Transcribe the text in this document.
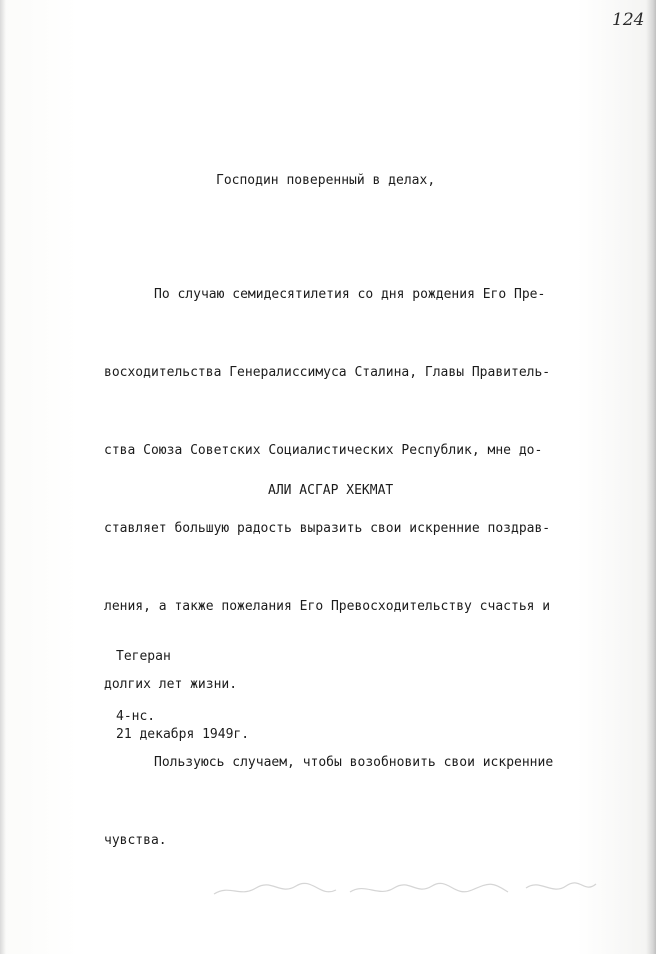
124
Господин поверенный в делах,

По случаю семидесятилетия со дня рождения Его Пре-

восходительства Генералиссимуса Сталина, Главы Правитель-

ства Союза Советских Социалистических Республик, мне до-

ставляет большую радость выразить свои искренние поздрав-

ления, а также пожелания Его Превосходительству счастья и

долгих лет жизни.

Пользуюсь случаем, чтобы возобновить свои искренние

чувства.

АЛИ АСГАР ХЕКМАТ

Тегеран

21 декабря 1949г.

4-нс.
